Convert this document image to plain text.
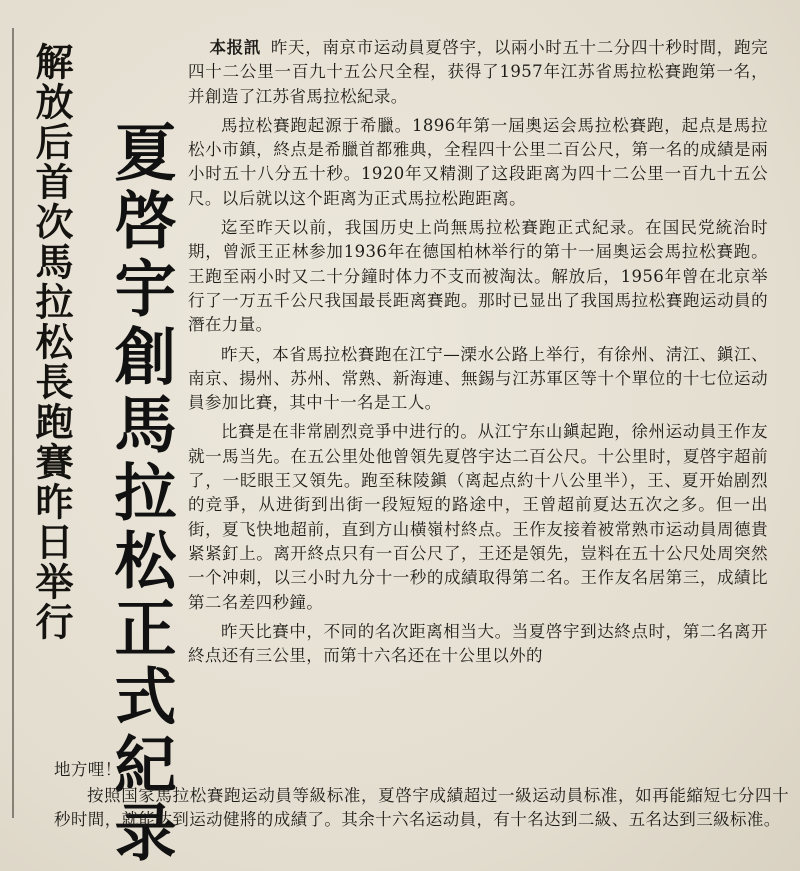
解放后首次馬拉松長跑賽昨日举行 夏啓宇創馬拉松正式紀录

本报訊 昨天，南京市运动員夏啓宇，以兩小时五十二分四十秒时間，跑完四十二公里一百九十五公尺全程，获得了1957年江苏省馬拉松賽跑第一名，并創造了江苏省馬拉松紀录。

馬拉松賽跑起源于希臘。1896年第一屆奧运会馬拉松賽跑，起点是馬拉松小市鎮，終点是希臘首都雅典，全程四十公里二百公尺，第一名的成績是兩小时五十八分五十秒。1920年又精測了这段距离为四十二公里一百九十五公尺。以后就以这个距离为正式馬拉松跑距离。

迄至昨天以前，我国历史上尚無馬拉松賽跑正式紀录。在国民党統治时期，曾派王正林参加1936年在德国柏林举行的第十一屆奧运会馬拉松賽跑。王跑至兩小时又二十分鐘时体力不支而被淘汰。解放后，1956年曾在北京举行了一万五千公尺我国最長距离賽跑。那时已显出了我国馬拉松賽跑运动員的潛在力量。

昨天，本省馬拉松賽跑在江宁—溧水公路上举行，有徐州、淸江、鎭江、南京、揚州、苏州、常熟、新海連、無錫与江苏軍区等十个單位的十七位运动員参加比賽，其中十一名是工人。

比賽是在非常剧烈竞爭中进行的。从江宁东山鎭起跑，徐州运动員王作友就一馬当先。在五公里处他曾領先夏啓宇达二百公尺。十公里时，夏啓宇超前了，一眨眼王又領先。跑至秣陵鎭（离起点約十八公里半），王、夏开始剧烈的竞爭，从进街到出街一段短短的路途中，王曾超前夏达五次之多。但一出街，夏飞快地超前，直到方山橫嶺村終点。王作友接着被常熟市运动員周德貴紧紧釘上。离开終点只有一百公尺了，王还是領先，豈料在五十公尺处周突然一个冲刺，以三小时九分十一秒的成績取得第二名。王作友名居第三，成績比第二名差四秒鐘。

昨天比賽中，不同的名次距离相当大。当夏啓宇到达終点时，第二名离开終点还有三公里，而第十六名还在十公里以外的

地方哩！

按照国家馬拉松賽跑运动員等級标准，夏啓宇成績超过一級运动員标准，如再能縮短七分四十秒时間，就能达到运动健將的成績了。其余十六名运动員，有十名达到二級、五名达到三級标准。
